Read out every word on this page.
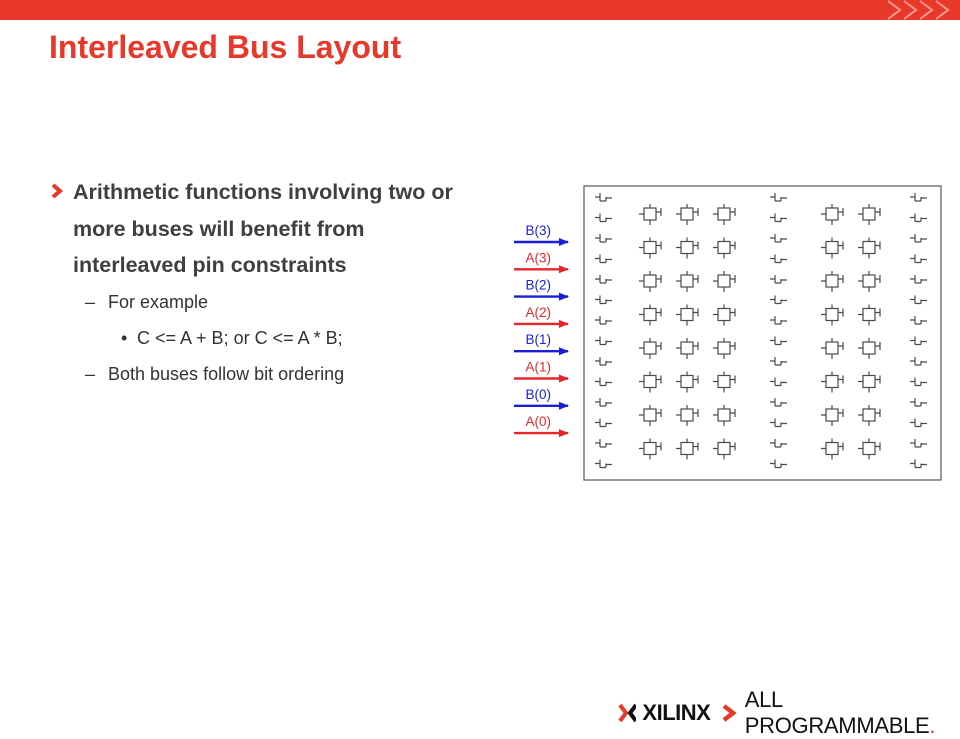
Interleaved Bus Layout
Arithmetic functions involving two or more buses will benefit from interleaved pin constraints
– For example
• C <= A + B; or C <= A * B;
– Both buses follow bit ordering
B(3)
A(3)
B(2)
A(2)
B(1)
A(1)
B(0)
A(0)
XILINX
ALL PROGRAMMABLE.
